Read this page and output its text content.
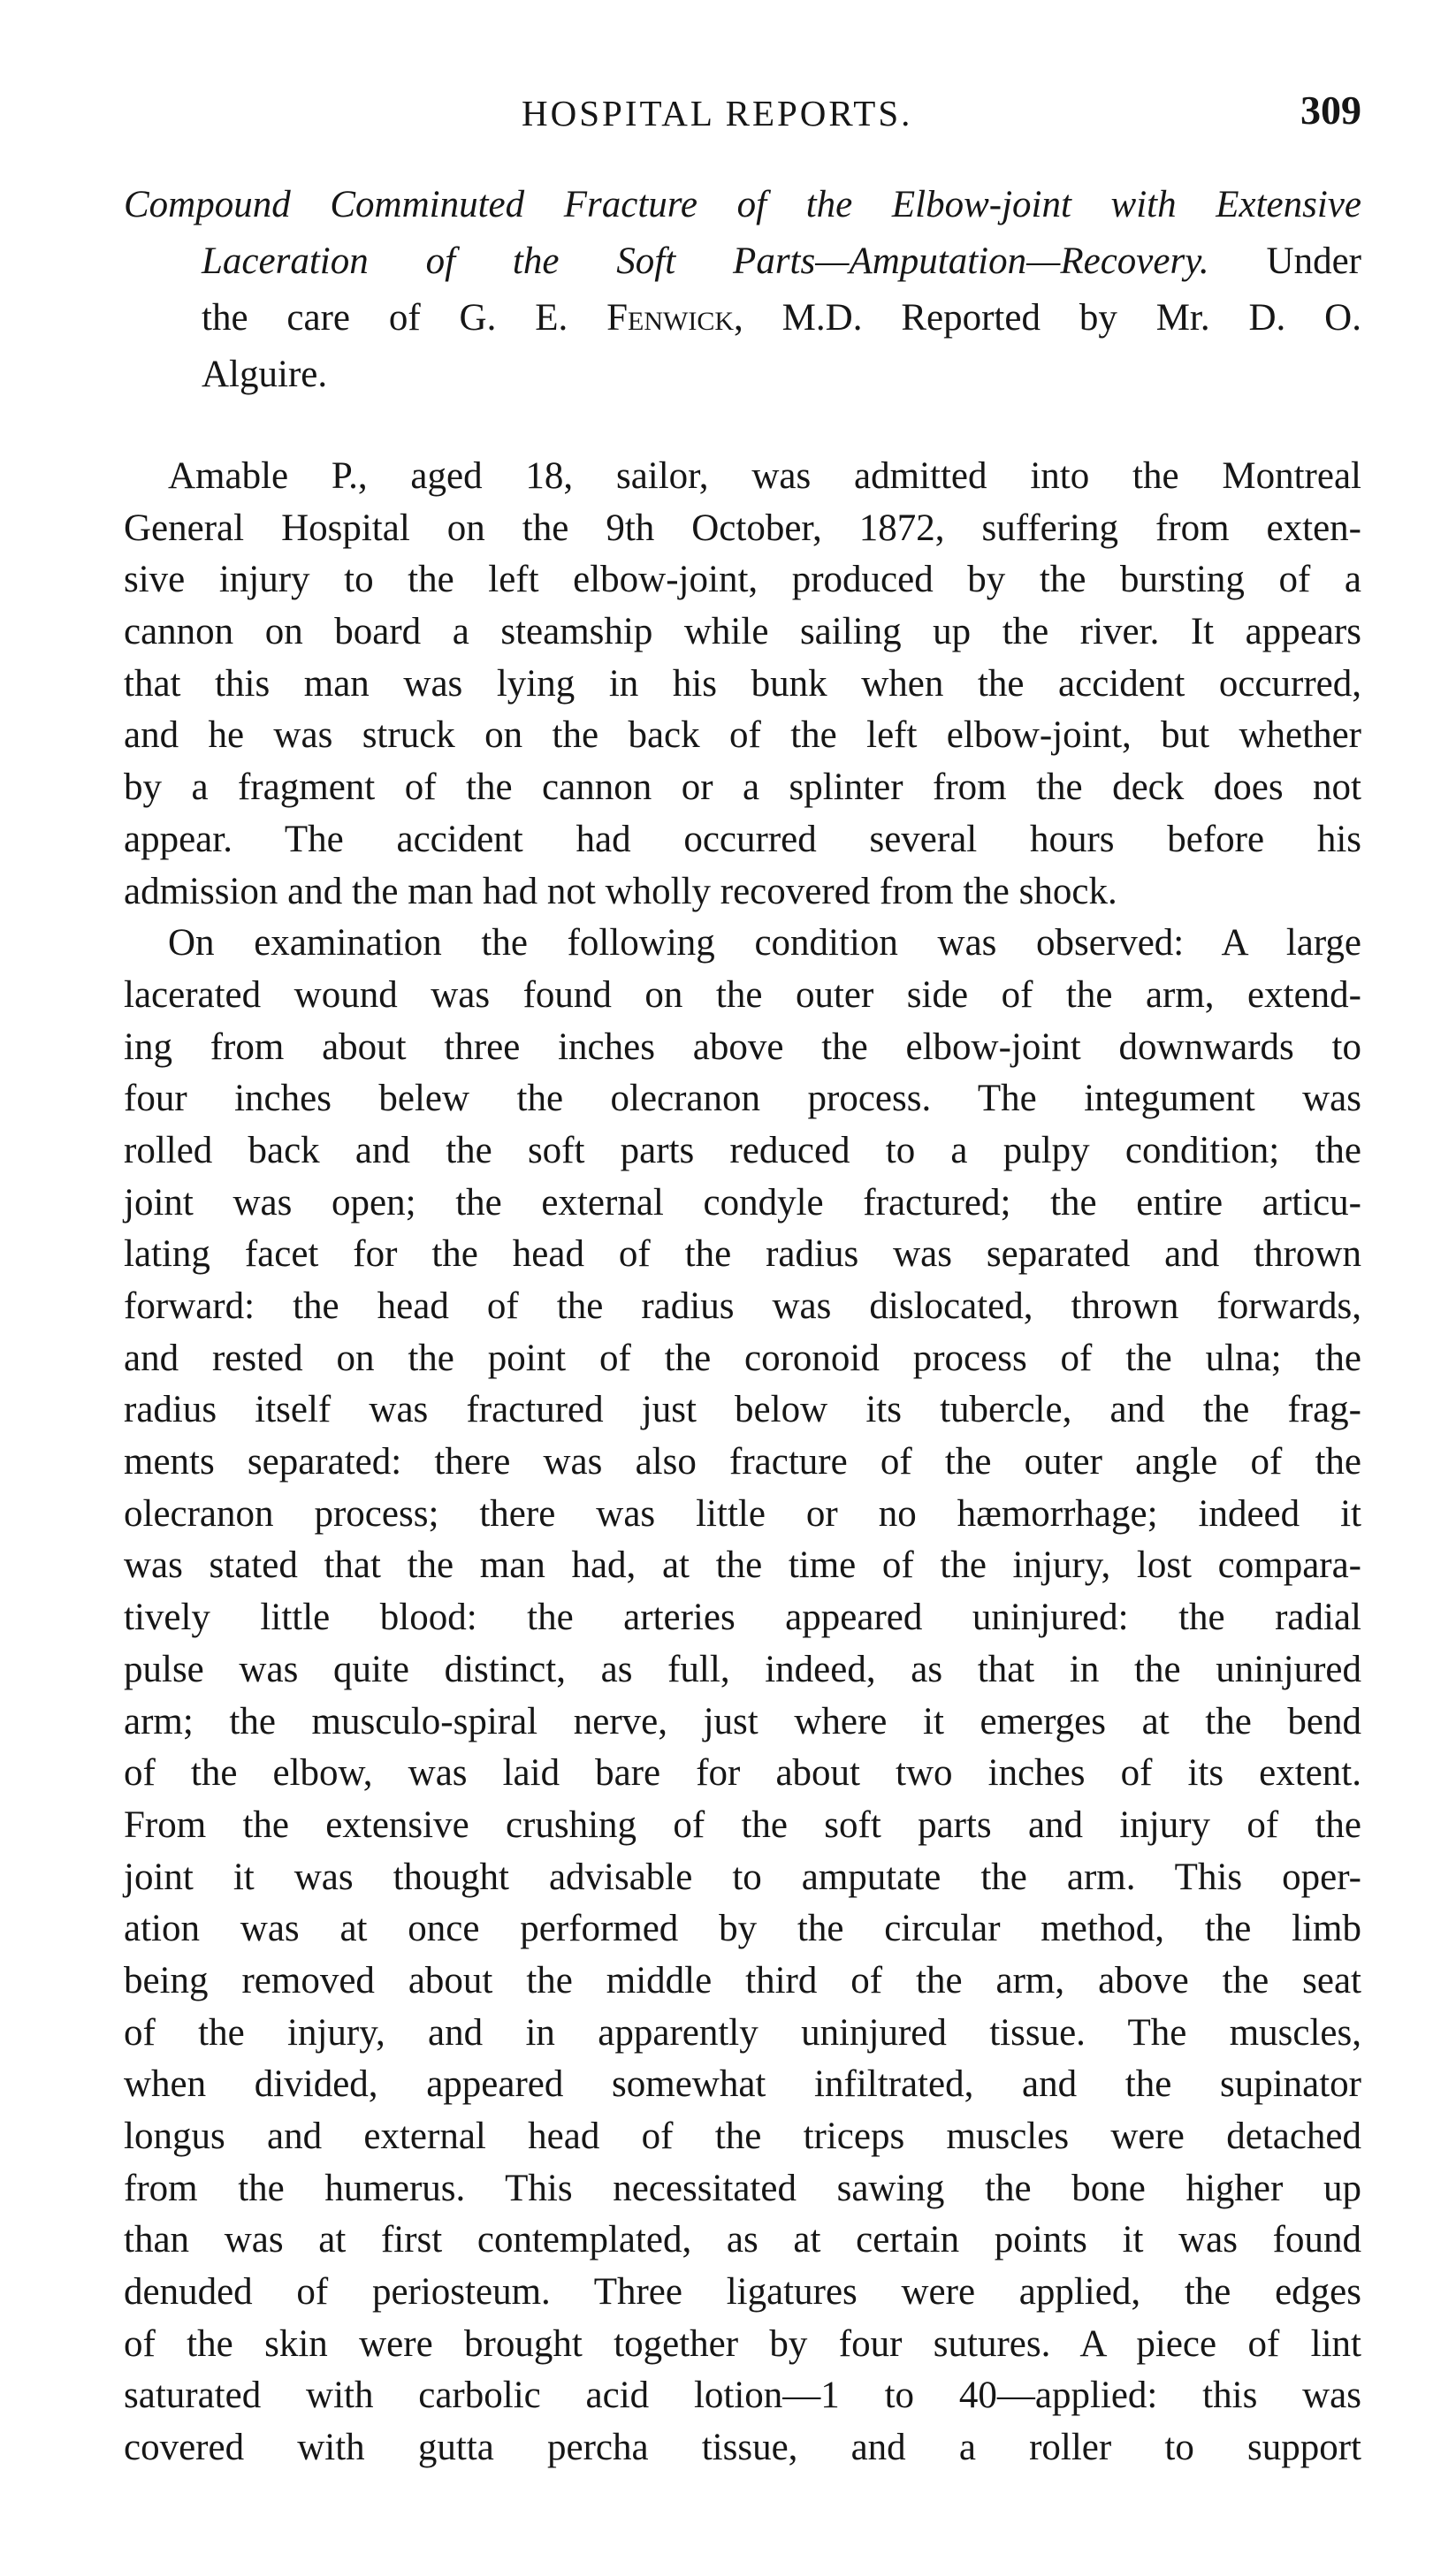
HOSPITAL REPORTS.	309
Compound Comminuted Fracture of the Elbow-joint with Extensive
Laceration of the Soft Parts—Amputation—Recovery. Under
the care of G. E. Fenwick, M.D. Reported by Mr. D. O.
Alguire.
Amable P., aged 18, sailor, was admitted into the Montreal
General Hospital on the 9th October, 1872, suffering from exten-
sive injury to the left elbow-joint, produced by the bursting of a
cannon on board a steamship while sailing up the river. It appears
that this man was lying in his bunk when the accident occurred,
and he was struck on the back of the left elbow-joint, but whether
by a fragment of the cannon or a splinter from the deck does not
appear. The accident had occurred several hours before his
admission and the man had not wholly recovered from the shock.
On examination the following condition was observed: A large
lacerated wound was found on the outer side of the arm, extend-
ing from about three inches above the elbow-joint downwards to
four inches belew the olecranon process. The integument was
rolled back and the soft parts reduced to a pulpy condition; the
joint was open; the external condyle fractured; the entire articu-
lating facet for the head of the radius was separated and thrown
forward: the head of the radius was dislocated, thrown forwards,
and rested on the point of the coronoid process of the ulna; the
radius itself was fractured just below its tubercle, and the frag-
ments separated: there was also fracture of the outer angle of the
olecranon process; there was little or no hæmorrhage; indeed it
was stated that the man had, at the time of the injury, lost compara-
tively little blood: the arteries appeared uninjured: the radial
pulse was quite distinct, as full, indeed, as that in the uninjured
arm; the musculo-spiral nerve, just where it emerges at the bend
of the elbow, was laid bare for about two inches of its extent.
From the extensive crushing of the soft parts and injury of the
joint it was thought advisable to amputate the arm. This oper-
ation was at once performed by the circular method, the limb
being removed about the middle third of the arm, above the seat
of the injury, and in apparently uninjured tissue. The muscles,
when divided, appeared somewhat infiltrated, and the supinator
longus and external head of the triceps muscles were detached
from the humerus. This necessitated sawing the bone higher up
than was at first contemplated, as at certain points it was found
denuded of periosteum. Three ligatures were applied, the edges
of the skin were brought together by four sutures. A piece of lint
saturated with carbolic acid lotion—1 to 40—applied: this was
covered with gutta percha tissue, and a roller to support
